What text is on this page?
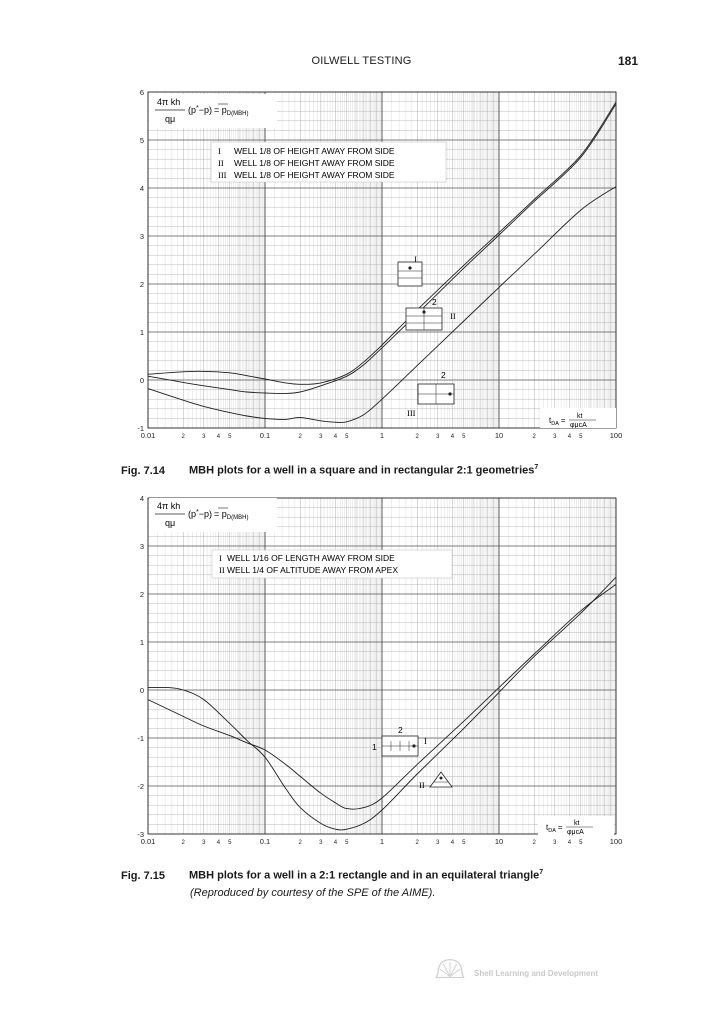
OILWELL TESTING	181
-1
0
1
2
3
4
5
6
0.01	2	3 4 5	0.1	2	3 4 5	1	2	3 4 5	10	2	3 4 5	100
4π kh
qμ
$(p^*-p) = p_{D(MBH)}$
I WELL 1/8 OF HEIGHT AWAY FROM SIDE
II WELL 1/8 OF HEIGHT AWAY FROM SIDE
III WELL 1/8 OF HEIGHT AWAY FROM SIDE
I
2
II
2
III
$t_{DA}$ = kt
φμcA
Fig. 7.14 MBH plots for a well in a square and in rectangular 2:1 geometries$^7$
-3
-2
-1
0
1
2
3
4
0.01	2	3 4 5	0.1	2	3 4 5	1	2	3 4 5	10	2	3 4 5	100
4π kh
qμ
$(p^*-p) = p_{D(MBH)}$
I WELL 1/16 OF LENGTH AWAY FROM SIDE
II WELL 1/4 OF ALTITUDE AWAY FROM APEX
2
1
I
II
$t_{DA}$ = kt
φμcA
Fig. 7.15 MBH plots for a well in a 2:1 rectangle and in an equilateral triangle$^7$
(Reproduced by courtesy of the SPE of the AIME).
Shell Learning and Development
